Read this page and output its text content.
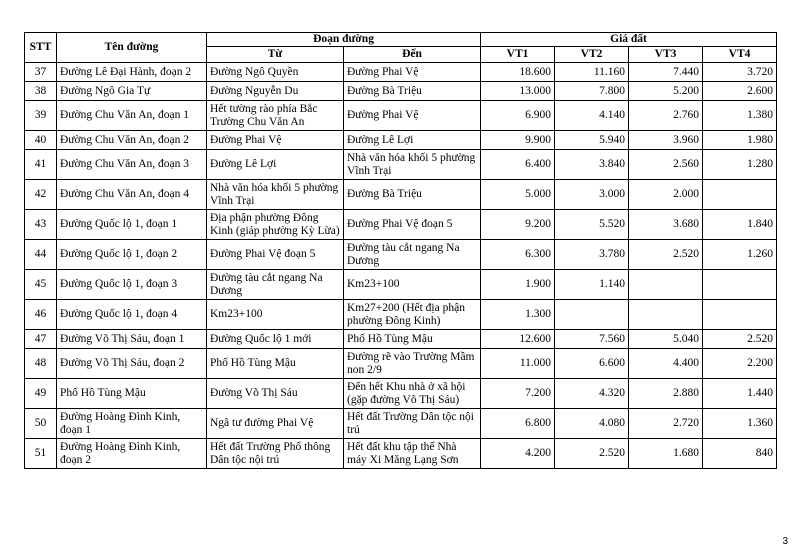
STT	Tên đường	Đoạn đường		Giá đất			
		Từ	Đến	VT1	VT2	VT3	VT4
37	Đường Lê Đại Hành, đoạn 2	Đường Ngô Quyền	Đường Phai Vệ	18.600	11.160	7.440	3.720
38	Đường Ngô Gia Tự	Đường Nguyễn Du	Đường Bà Triệu	13.000	7.800	5.200	2.600
39	Đường Chu Văn An, đoạn 1	Hết tường rào phía Bắc Trường Chu Văn An	Đường Phai Vệ	6.900	4.140	2.760	1.380
40	Đường Chu Văn An, đoạn 2	Đường Phai Vệ	Đường Lê Lợi	9.900	5.940	3.960	1.980
41	Đường Chu Văn An, đoạn 3	Đường Lê Lợi	Nhà văn hóa khối 5 phường Vĩnh Trại	6.400	3.840	2.560	1.280
42	Đường Chu Văn An, đoạn 4	Nhà văn hóa khối 5 phường Vĩnh Trại	Đường Bà Triệu	5.000	3.000	2.000	
43	Đường Quốc lộ 1, đoạn 1	Địa phận phường Đông Kinh (giáp phường Kỳ Lừa)	Đường Phai Vệ đoạn 5	9.200	5.520	3.680	1.840
44	Đường Quốc lộ 1, đoạn 2	Đường Phai Vệ đoạn 5	Đường tàu cắt ngang Na Dương	6.300	3.780	2.520	1.260
45	Đường Quốc lộ 1, đoạn 3	Đường tàu cắt ngang Na Dương	Km23+100	1.900	1.140		
46	Đường Quốc lộ 1, đoạn 4	Km23+100	Km27+200 (Hết địa phận phường Đông Kinh)	1.300			
47	Đường Võ Thị Sáu, đoạn 1	Đường Quốc lộ 1 mới	Phố Hồ Tùng Mậu	12.600	7.560	5.040	2.520
48	Đường Võ Thị Sáu, đoạn 2	Phố Hồ Tùng Mậu	Đường rẽ vào Trường Mầm non 2/9	11.000	6.600	4.400	2.200
49	Phố Hồ Tùng Mậu	Đường Võ Thị Sáu	Đến hết Khu nhà ở xã hội (gặp đường Võ Thị Sáu)	7.200	4.320	2.880	1.440
50	Đường Hoàng Đình Kinh, đoạn 1	Ngã tư đường Phai Vệ	Hết đất Trường Dân tộc nội trú	6.800	4.080	2.720	1.360
51	Đường Hoàng Đình Kinh, đoạn 2	Hết đất Trường Phổ thông Dân tộc nội trú	Hết đất khu tập thể Nhà máy Xi Măng Lạng Sơn	4.200	2.520	1.680	840
3
